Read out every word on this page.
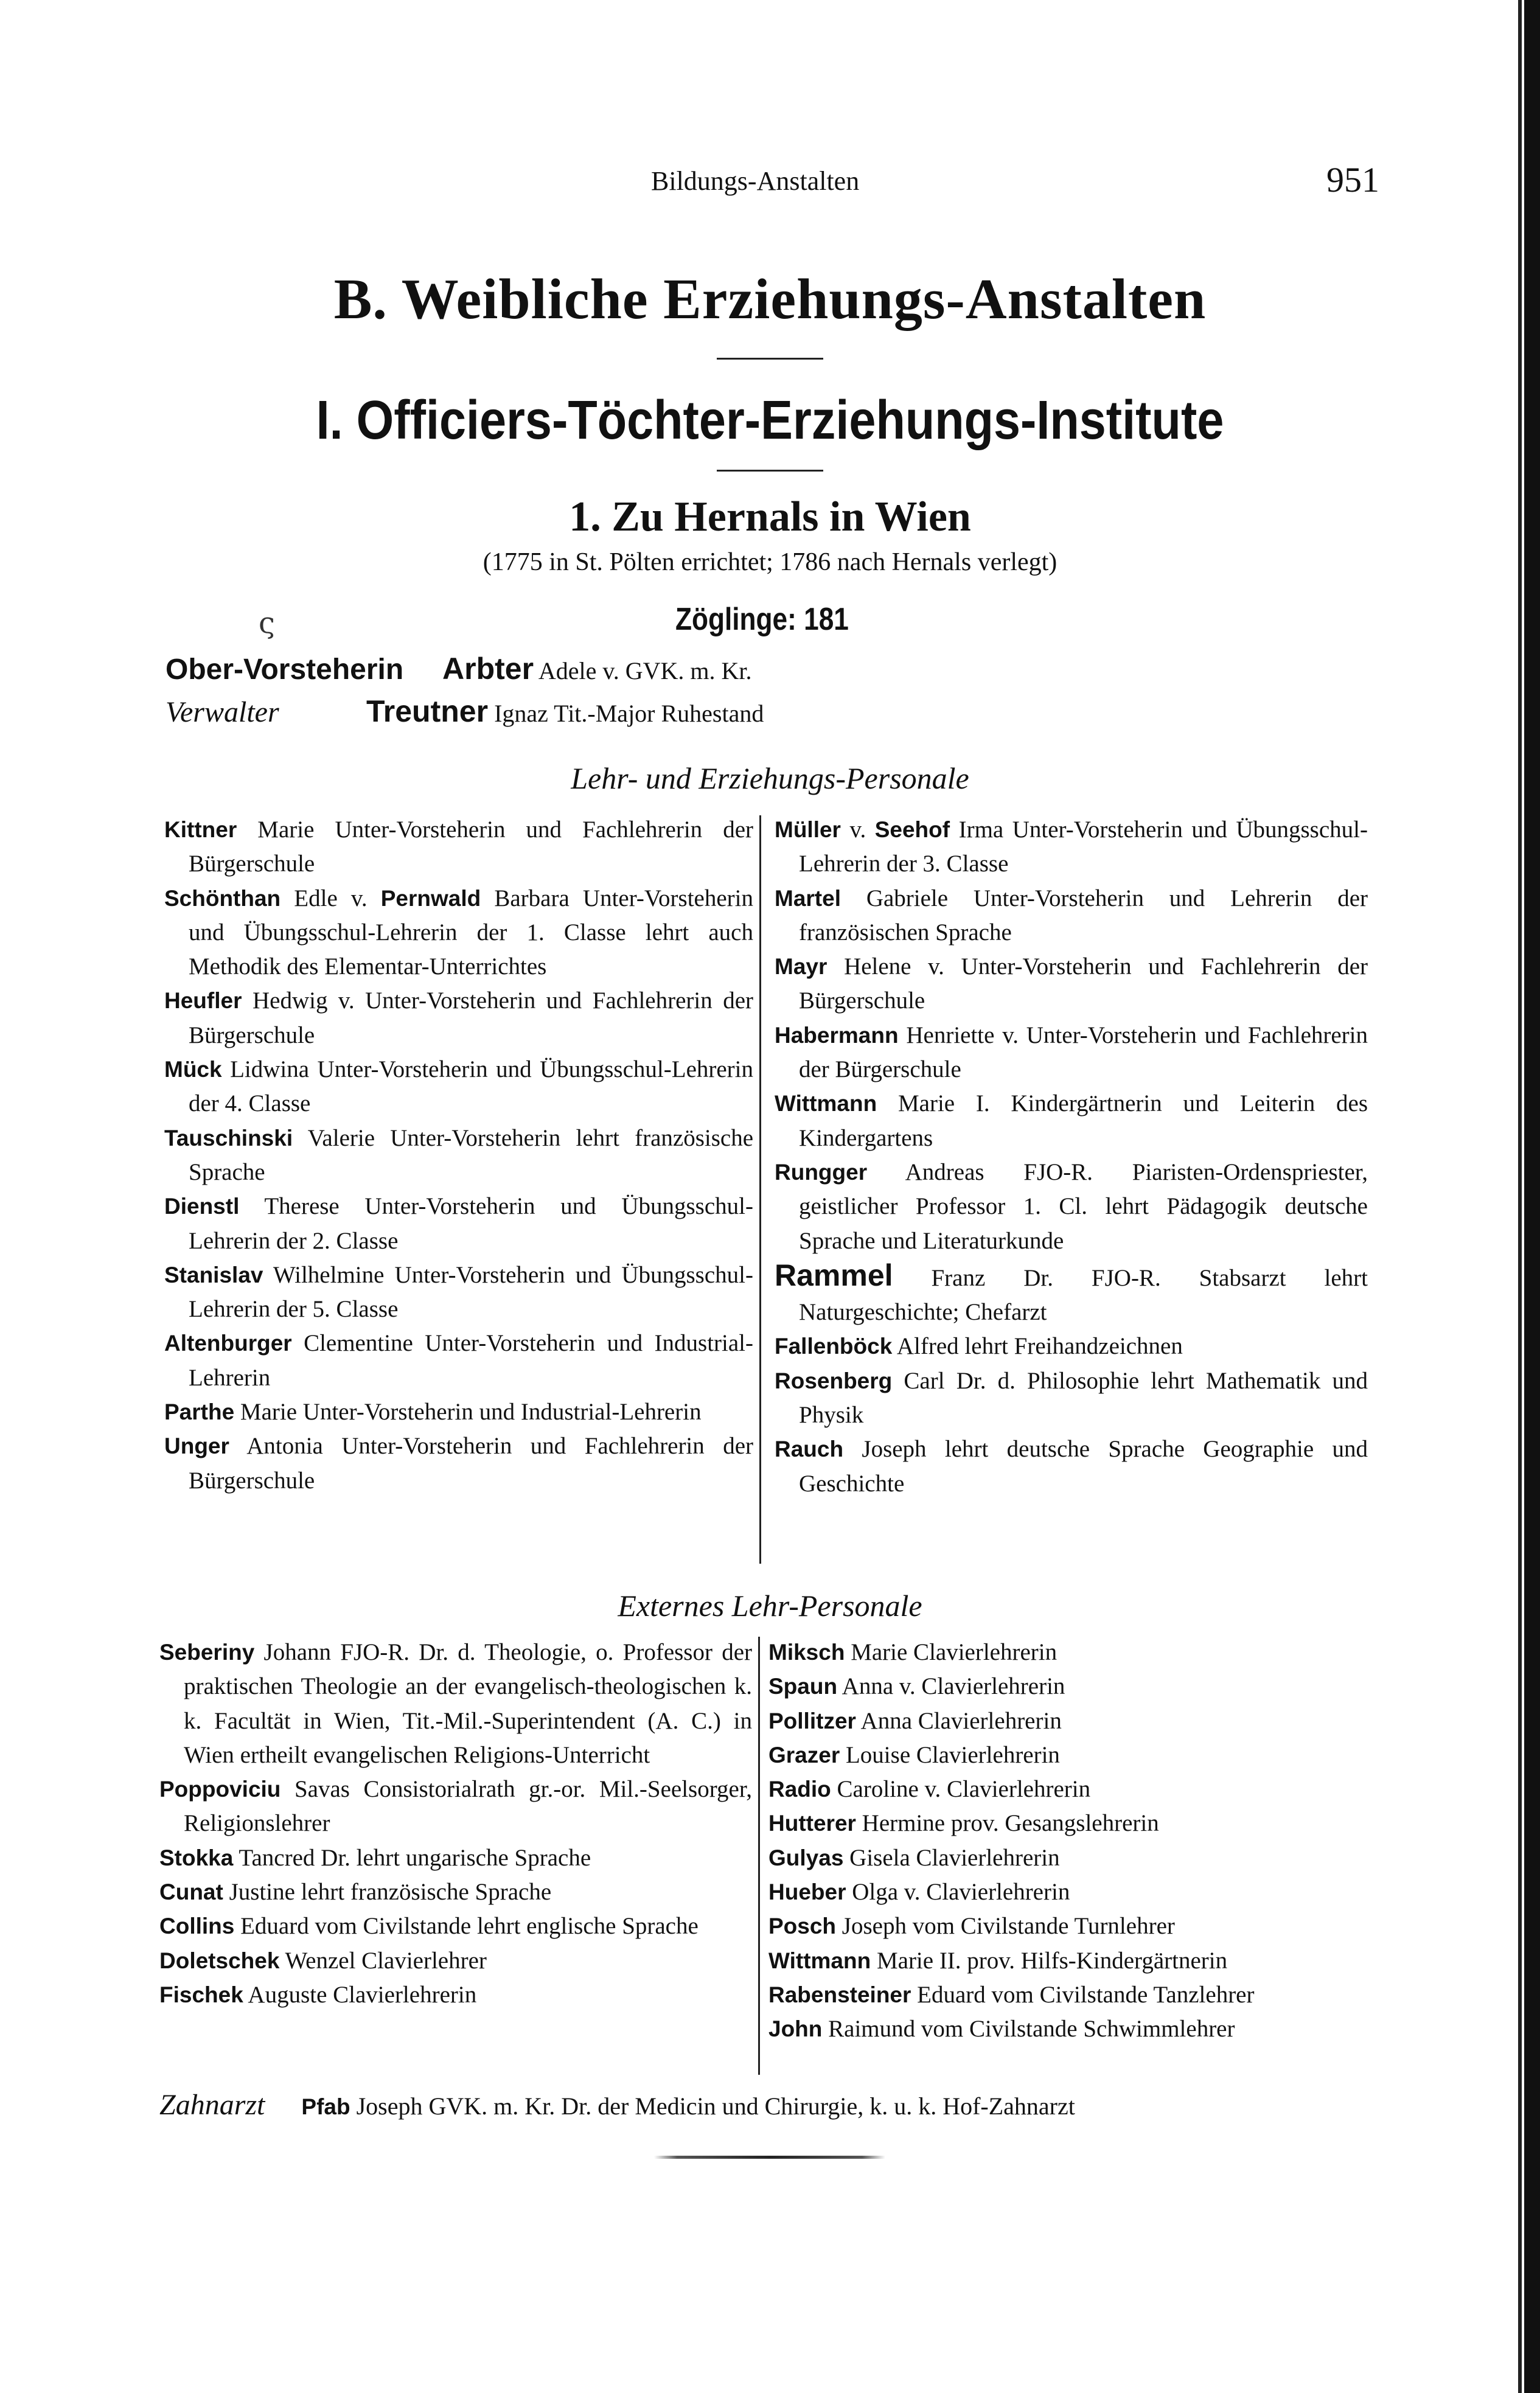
Bildungs-Anstalten	951
B. Weibliche Erziehungs-Anstalten
I. Officiers-Töchter-Erziehungs-Institute
1. Zu Hernals in Wien
(1775 in St. Pölten errichtet; 1786 nach Hernals verlegt)
ς	Zöglinge: 181
Ober-Vorsteherin Arbter Adele v. GVK. m. Kr.
Verwalter	Treutner Ignaz Tit.-Major Ruhestand
Lehr- und Erziehungs-Personale

Kittner Marie Unter-Vorsteherin und Fachlehrerin der Bürgerschule

Schönthan Edle v. Pernwald Barbara Unter-Vorsteherin und Übungsschul-Lehrerin der 1. Classe lehrt auch Methodik des Elementar-Unterrichtes

Heufler Hedwig v. Unter-Vorsteherin und Fachlehrerin der Bürgerschule

Mück Lidwina Unter-Vorsteherin und Übungsschul-Lehrerin der 4. Classe

Tauschinski Valerie Unter-Vorsteherin lehrt französische Sprache

Dienstl Therese Unter-Vorsteherin und Übungsschul-Lehrerin der 2. Classe

Stanislav Wilhelmine Unter-Vorsteherin und Übungsschul-Lehrerin der 5. Classe

Altenburger Clementine Unter-Vorsteherin und Industrial-Lehrerin

Parthe Marie Unter-Vorsteherin und Industrial-Lehrerin

Unger Antonia Unter-Vorsteherin und Fachlehrerin der Bürgerschule

Müller v. Seehof Irma Unter-Vorsteherin und Übungsschul-Lehrerin der 3. Classe

Martel Gabriele Unter-Vorsteherin und Lehrerin der französischen Sprache

Mayr Helene v. Unter-Vorsteherin und Fachlehrerin der Bürgerschule

Habermann Henriette v. Unter-Vorsteherin und Fachlehrerin der Bürgerschule

Wittmann Marie I. Kindergärtnerin und Leiterin des Kindergartens

Rungger Andreas FJO-R. Piaristen-Ordenspriester, geistlicher Professor 1. Cl. lehrt Pädagogik deutsche Sprache und Literaturkunde

Rammel Franz Dr. FJO-R. Stabsarzt lehrt Naturgeschichte; Chefarzt

Fallenböck Alfred lehrt Freihandzeichnen

Rosenberg Carl Dr. d. Philosophie lehrt Mathematik und Physik

Rauch Joseph lehrt deutsche Sprache Geographie und Geschichte

Externes Lehr-Personale

Seberiny Johann FJO-R. Dr. d. Theologie, o. Professor der praktischen Theologie an der evangelisch-theologischen k. k. Facultät in Wien, Tit.-Mil.-Superintendent (A. C.) in Wien ertheilt evangelischen Religions-Unterricht

Poppoviciu Savas Consistorialrath gr.-or. Mil.-Seelsorger, Religionslehrer

Stokka Tancred Dr. lehrt ungarische Sprache

Cunat Justine lehrt französische Sprache

Collins Eduard vom Civilstande lehrt englische Sprache

Doletschek Wenzel Clavierlehrer

Fischek Auguste Clavierlehrerin

Miksch Marie Clavierlehrerin

Spaun Anna v. Clavierlehrerin

Pollitzer Anna Clavierlehrerin

Grazer Louise Clavierlehrerin

Radio Caroline v. Clavierlehrerin

Hutterer Hermine prov. Gesangslehrerin

Gulyas Gisela Clavierlehrerin

Hueber Olga v. Clavierlehrerin

Posch Joseph vom Civilstande Turnlehrer

Wittmann Marie II. prov. Hilfs-Kindergärtnerin

Rabensteiner Eduard vom Civilstande Tanzlehrer

John Raimund vom Civilstande Schwimmlehrer

Zahnarzt Pfab Joseph GVK. m. Kr. Dr. der Medicin und Chirurgie, k. u. k. Hof-Zahnarzt
